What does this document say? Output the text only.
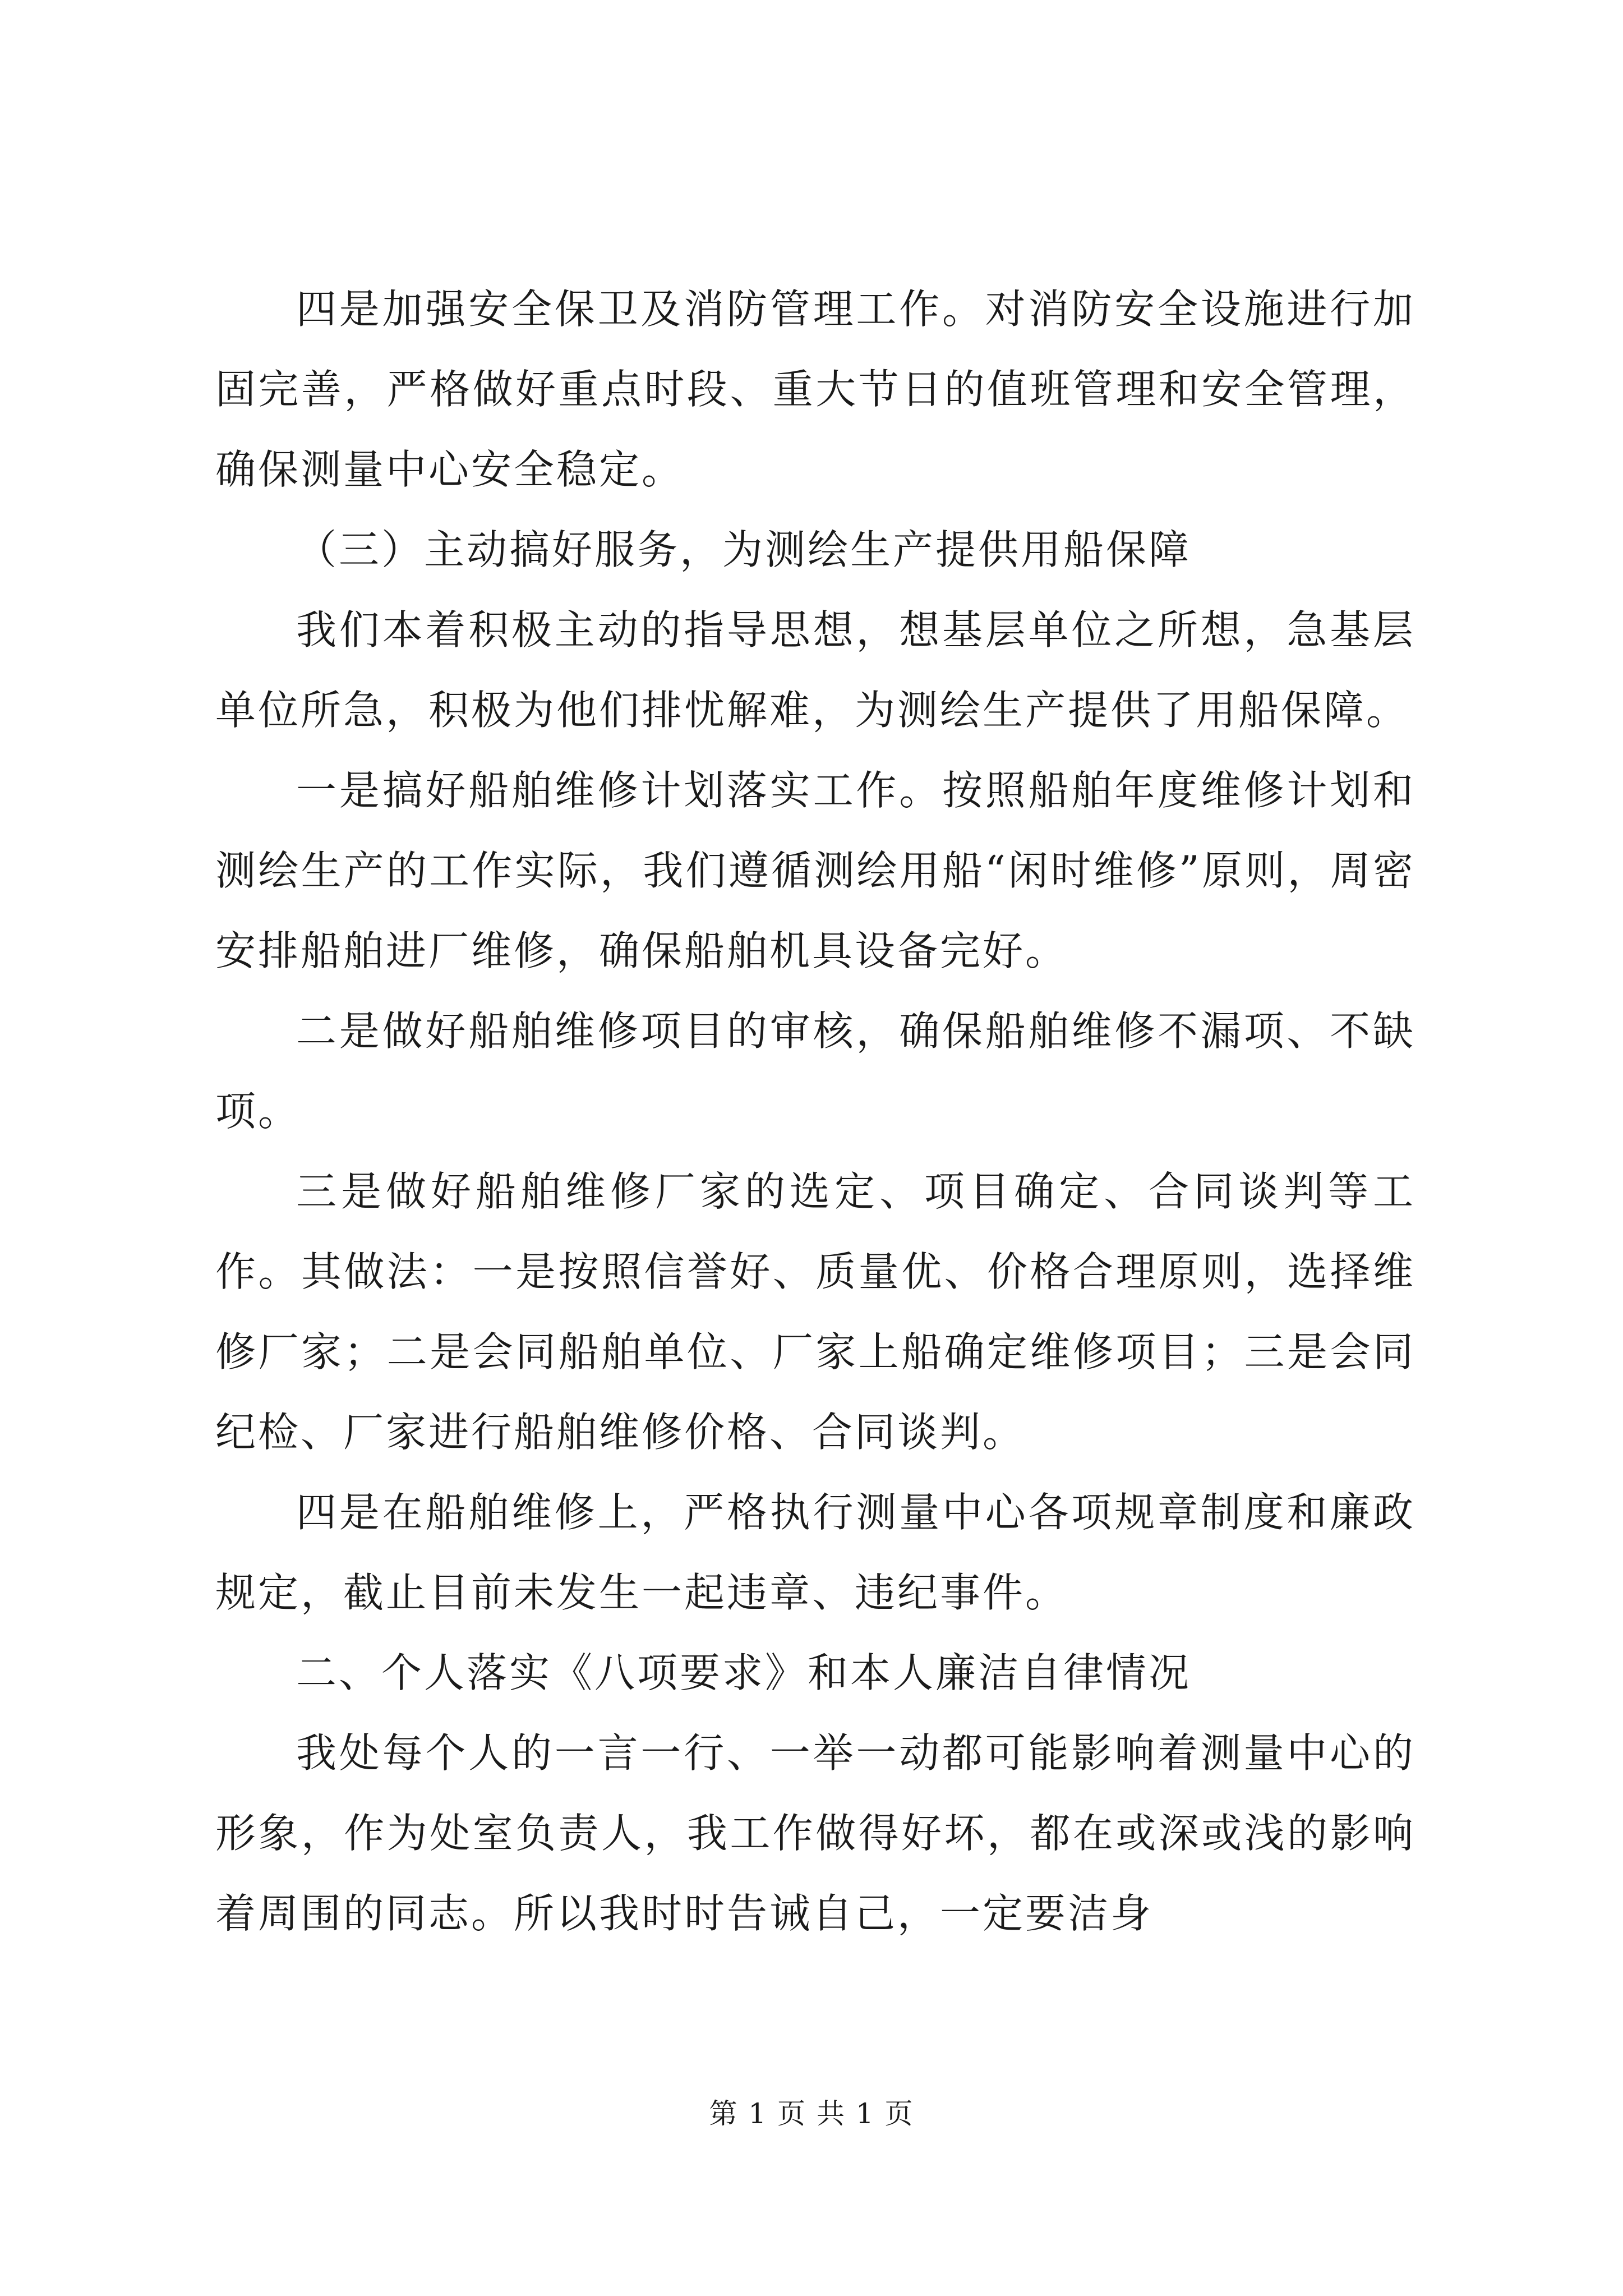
四是加强安全保卫及消防管理工作。对消防安全设施进行加固完善，严格做好重点时段、重大节日的值班管理和安全管理，确保测量中心安全稳定。

（三）主动搞好服务，为测绘生产提供用船保障

我们本着积极主动的指导思想，想基层单位之所想，急基层单位所急，积极为他们排忧解难，为测绘生产提供了用船保障。

一是搞好船舶维修计划落实工作。按照船舶年度维修计划和测绘生产的工作实际，我们遵循测绘用船“闲时维修”原则，周密安排船舶进厂维修，确保船舶机具设备完好。

二是做好船舶维修项目的审核，确保船舶维修不漏项、不缺项。

三是做好船舶维修厂家的选定、项目确定、合同谈判等工作。其做法：一是按照信誉好、质量优、价格合理原则，选择维修厂家；二是会同船舶单位、厂家上船确定维修项目；三是会同纪检、厂家进行船舶维修价格、合同谈判。

四是在船舶维修上，严格执行测量中心各项规章制度和廉政规定，截止目前未发生一起违章、违纪事件。

二、个人落实《八项要求》和本人廉洁自律情况

我处每个人的一言一行、一举一动都可能影响着测量中心的形象，作为处室负责人，我工作做得好坏，都在或深或浅的影响着周围的同志。所以我时时告诫自己，一定要洁身

第 1 页 共 1 页
